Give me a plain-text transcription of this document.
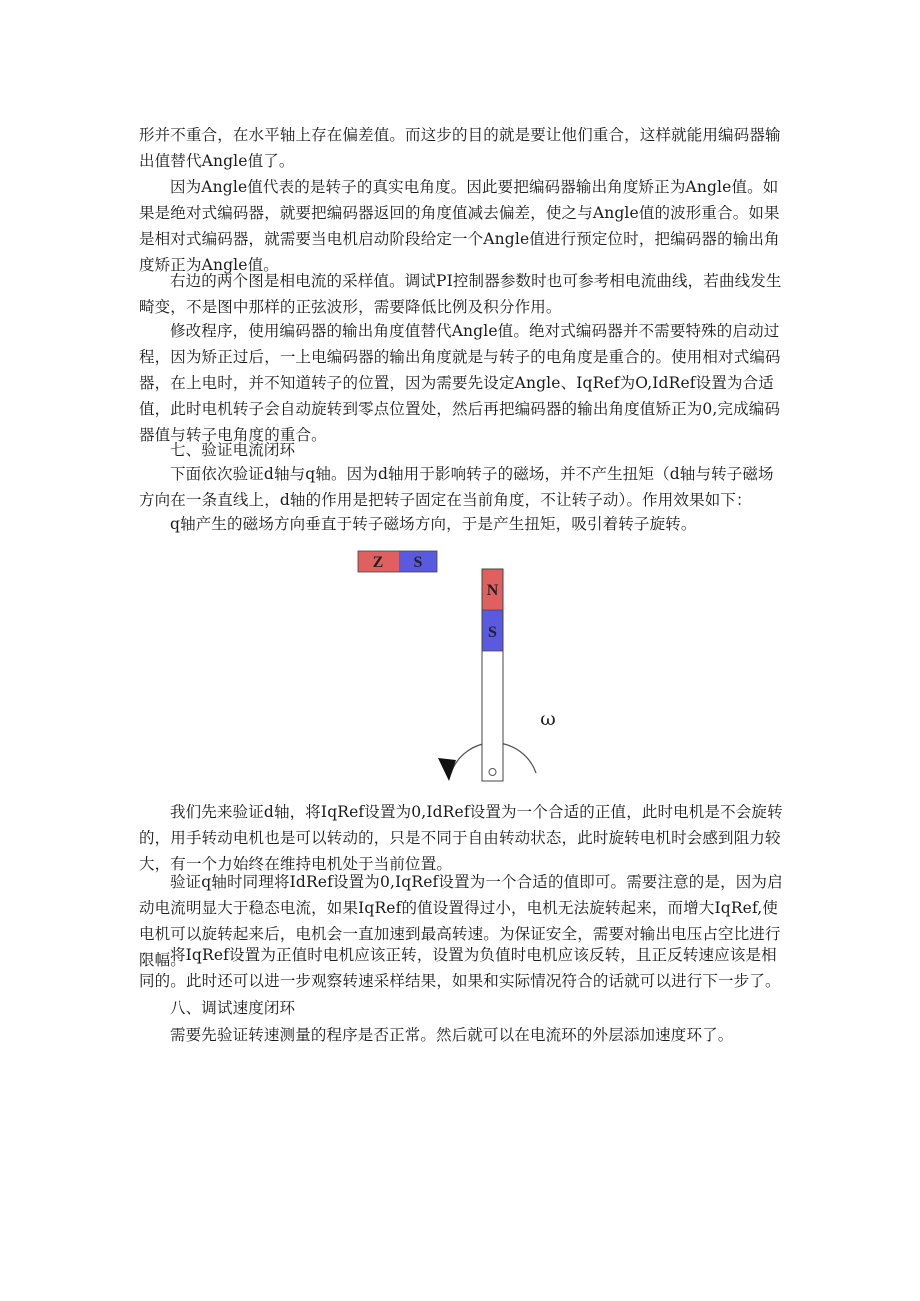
形并不重合，在水平轴上存在偏差值。而这步的目的就是要让他们重合，这样就能用编码器输出值替代Angle值了。

因为Angle值代表的是转子的真实电角度。因此要把编码器输出角度矫正为Angle值。如果是绝对式编码器，就要把编码器返回的角度值减去偏差，使之与Angle值的波形重合。如果是相对式编码器，就需要当电机启动阶段给定一个Angle值进行预定位时，把编码器的输出角度矫正为Angle值。

右边的两个图是相电流的采样值。调试PI控制器参数时也可参考相电流曲线，若曲线发生畸变，不是图中那样的正弦波形，需要降低比例及积分作用。

修改程序，使用编码器的输出角度值替代Angle值。绝对式编码器并不需要特殊的启动过程，因为矫正过后，一上电编码器的输出角度就是与转子的电角度是重合的。使用相对式编码器，在上电时，并不知道转子的位置，因为需要先设定Angle、IqRef为O,IdRef设置为合适值，此时电机转子会自动旋转到零点位置处，然后再把编码器的输出角度值矫正为0,完成编码器值与转子电角度的重合。

七、验证电流闭环

下面依次验证d轴与q轴。因为d轴用于影响转子的磁场，并不产生扭矩（d轴与转子磁场方向在一条直线上，d轴的作用是把转子固定在当前角度，不让转子动）。作用效果如下：

q轴产生的磁场方向垂直于转子磁场方向，于是产生扭矩，吸引着转子旋转。

Z S
N
S
ω

我们先来验证d轴，将IqRef设置为0,IdRef设置为一个合适的正值，此时电机是不会旋转的，用手转动电机也是可以转动的，只是不同于自由转动状态，此时旋转电机时会感到阻力较大，有一个力始终在维持电机处于当前位置。

验证q轴时同理将IdRef设置为0,IqRef设置为一个合适的值即可。需要注意的是，因为启动电流明显大于稳态电流，如果IqRef的值设置得过小，电机无法旋转起来，而增大IqRef,使电机可以旋转起来后，电机会一直加速到最高转速。为保证安全，需要对输出电压占空比进行限幅。

将IqRef设置为正值时电机应该正转，设置为负值时电机应该反转，且正反转速应该是相同的。此时还可以进一步观察转速采样结果，如果和实际情况符合的话就可以进行下一步了。

八、调试速度闭环

需要先验证转速测量的程序是否正常。然后就可以在电流环的外层添加速度环了。
